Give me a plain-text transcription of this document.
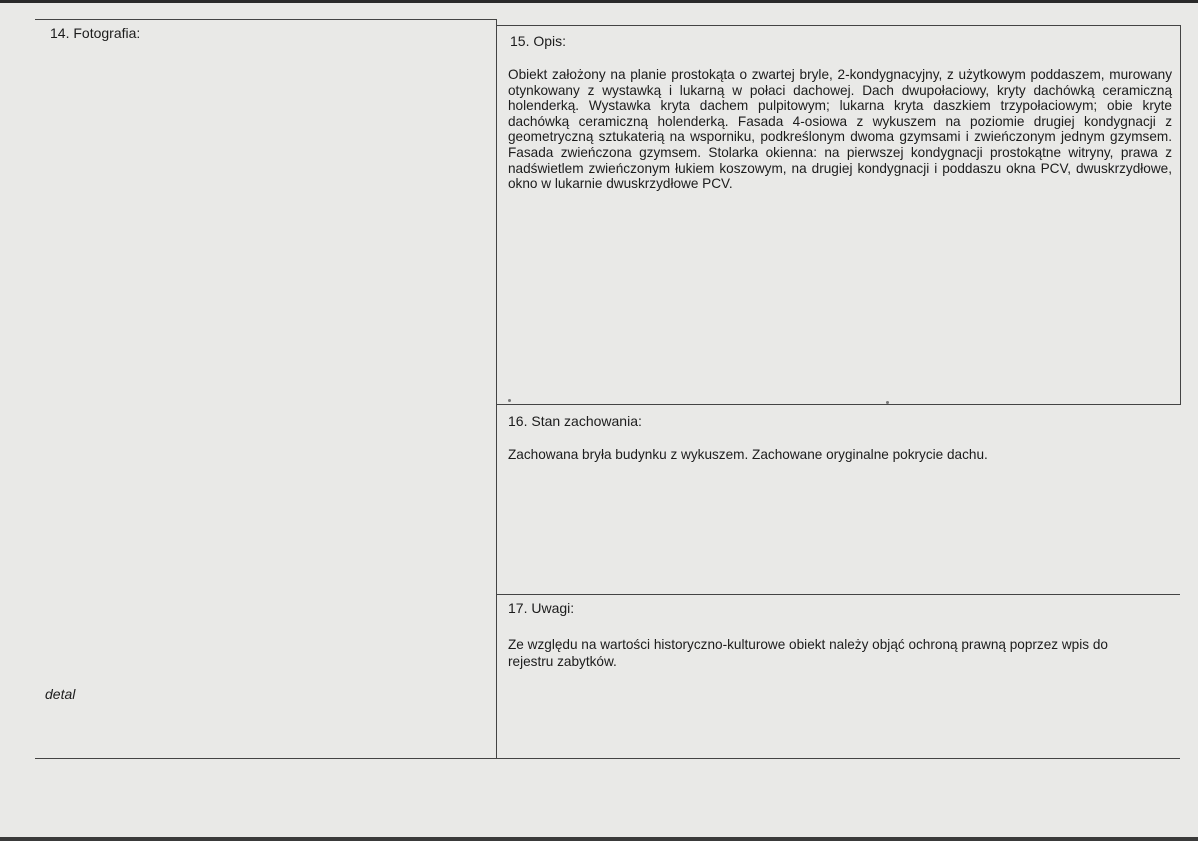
14. Fotografia:
detal
15. Opis:
Obiekt założony na planie prostokąta o zwartej bryle, 2-kondygnacyjny, z użytkowym poddaszem, murowany otynkowany z wystawką i lukarną w połaci dachowej. Dach dwupołaciowy, kryty dachówką ceramiczną holenderką. Wystawka kryta dachem pulpitowym; lukarna kryta daszkiem trzypołaciowym; obie kryte dachówką ceramiczną holenderką. Fasada 4-osiowa z wykuszem na poziomie drugiej kondygnacji z geometryczną sztukaterią na wsporniku, podkreślonym dwoma gzymsami i zwieńczonym jednym gzymsem. Fasada zwieńczona gzymsem. Stolarka okienna: na pierwszej kondygnacji prostokątne witryny, prawa z nadświetlem zwieńczonym łukiem koszowym, na drugiej kondygnacji i poddaszu okna PCV, dwuskrzydłowe, okno w lukarnie dwuskrzydłowe PCV.
16. Stan zachowania:
Zachowana bryła budynku z wykuszem. Zachowane oryginalne pokrycie dachu.
17. Uwagi:
Ze względu na wartości historyczno-kulturowe obiekt należy objąć ochroną prawną poprzez wpis do rejestru zabytków.
